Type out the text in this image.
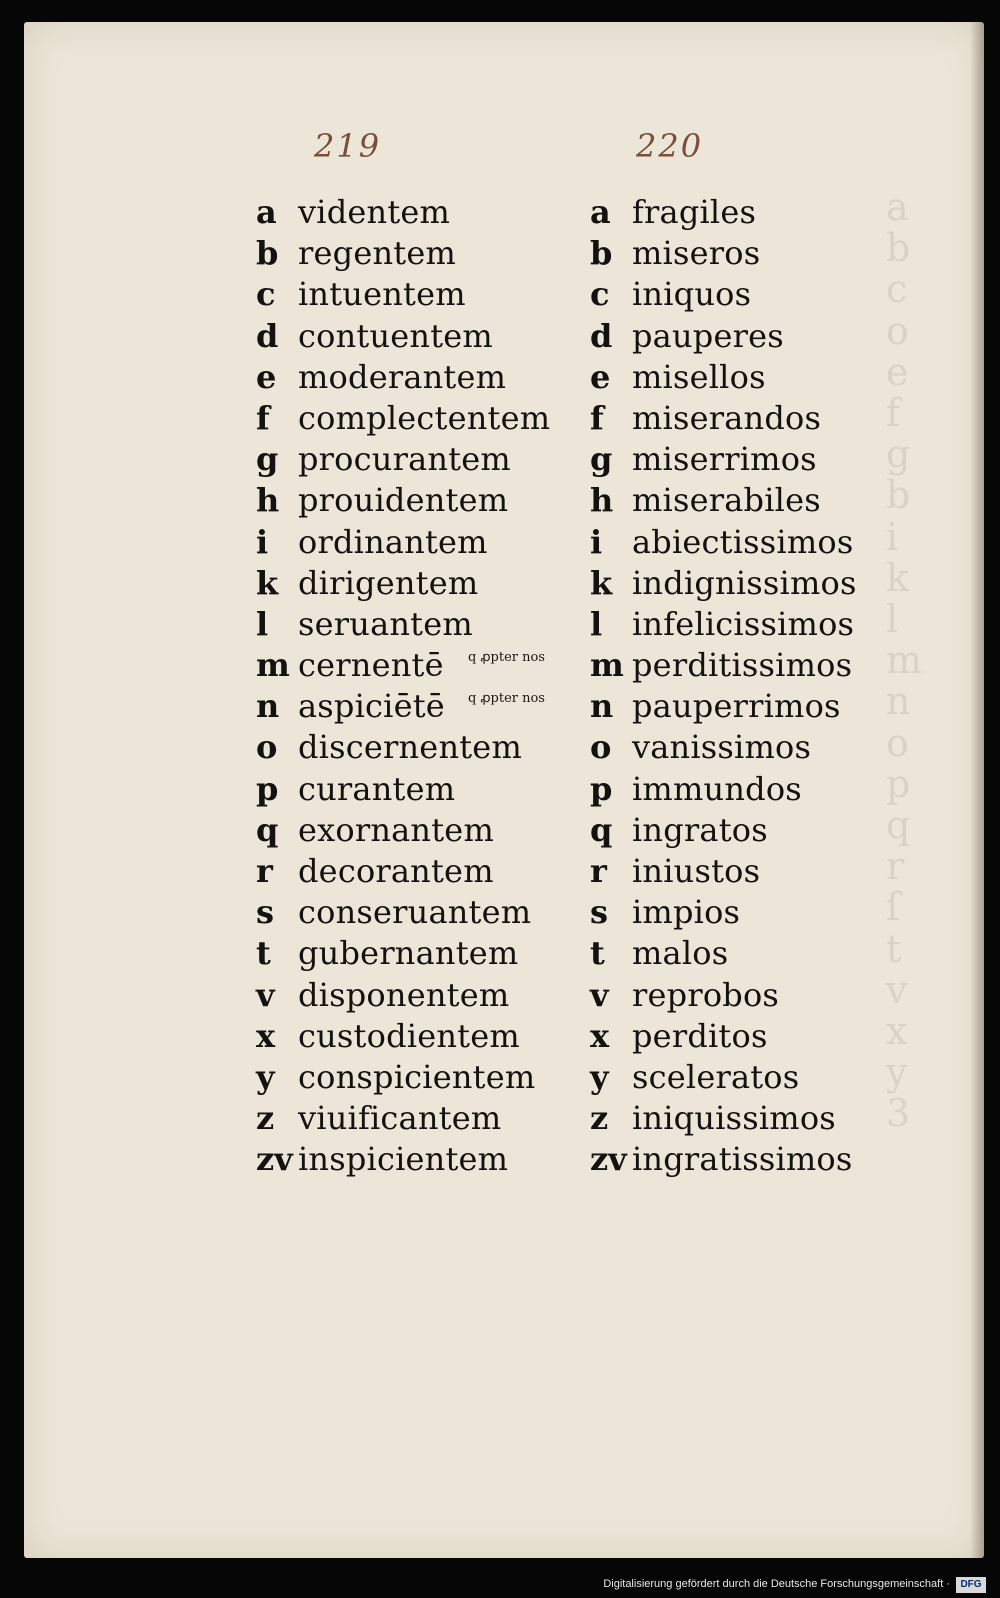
a
b
c
o
e
f
g
b
i
k
l
m
n
o
p
q
r
ſ
t
v
x
y
3
219	220
a videntem
b regentem
c intuentem
d contuentem
e moderantem
f complectentem
g procurantem
h prouidentem
i ordinantem
k dirigentem
l seruantem
m cernentē
n aspiciētē
o discernentem
p curantem
q exornantem
r decorantem
s conseruantem
t gubernantem
v disponentem
x custodientem
y conspicientem
z viuificantem
zv inspicientem
a fragiles
b miseros
c iniquos
d pauperes
e misellos
f miserandos
g miserrimos
h miserabiles
i abiectissimos
k indignissimos
l infelicissimos
m perditissimos
n pauperrimos
o vanissimos
p immundos
q ingratos
r iniustos
s impios
t malos
v reprobos
x perditos
y sceleratos
z iniquissimos
zv ingratissimos
q ꝓpter nos
q ꝓpter nos
Digitalisierung gefördert durch die Deutsche Forschungsgemeinschaft ·	DFG
